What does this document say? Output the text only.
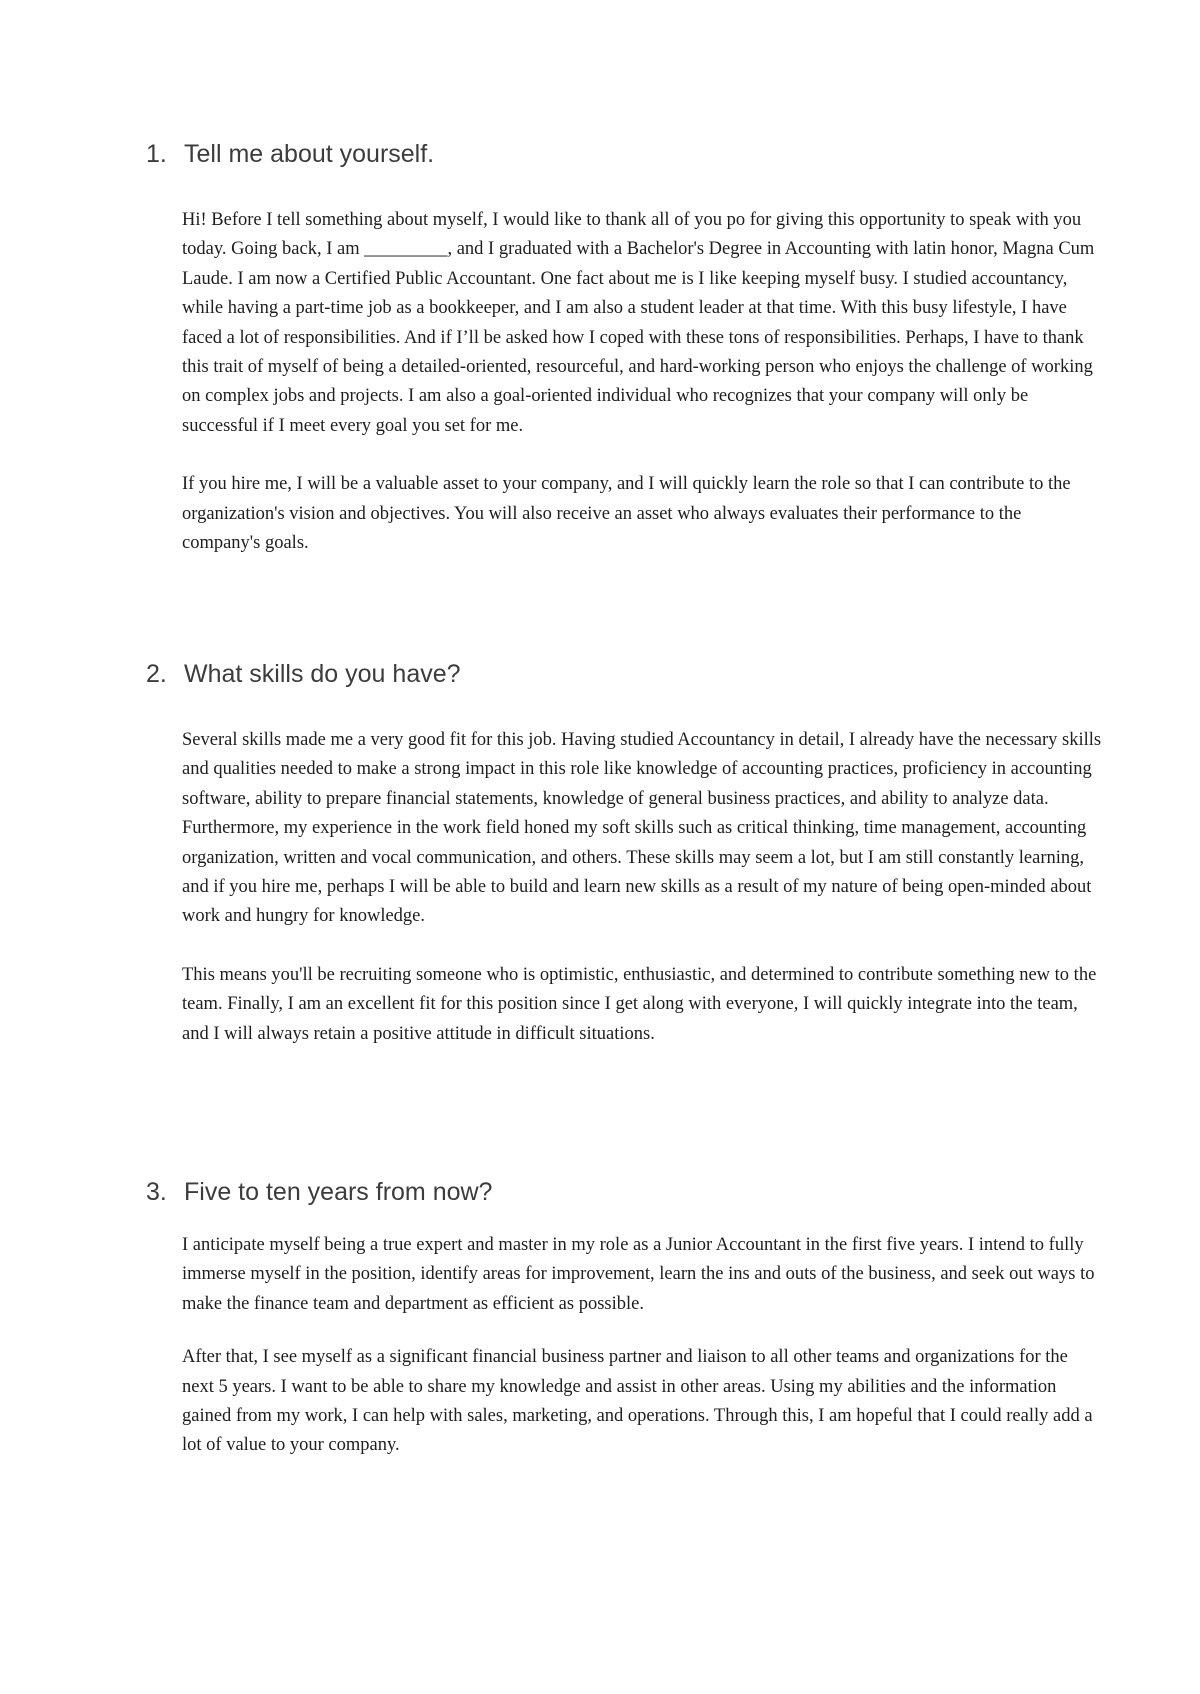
1. Tell me about yourself.

Hi! Before I tell something about myself, I would like to thank all of you po for giving this opportunity to speak with you today. Going back, I am _________, and I graduated with a Bachelor's Degree in Accounting with latin honor, Magna Cum Laude. I am now a Certified Public Accountant. One fact about me is I like keeping myself busy. I studied accountancy, while having a part-time job as a bookkeeper, and I am also a student leader at that time. With this busy lifestyle, I have faced a lot of responsibilities. And if I’ll be asked how I coped with these tons of responsibilities. Perhaps, I have to thank this trait of myself of being a detailed-oriented, resourceful, and hard-working person who enjoys the challenge of working on complex jobs and projects. I am also a goal-oriented individual who recognizes that your company will only be successful if I meet every goal you set for me.

If you hire me, I will be a valuable asset to your company, and I will quickly learn the role so that I can contribute to the organization's vision and objectives. You will also receive an asset who always evaluates their performance to the company's goals.

2. What skills do you have?

Several skills made me a very good fit for this job. Having studied Accountancy in detail, I already have the necessary skills and qualities needed to make a strong impact in this role like knowledge of accounting practices, proficiency in accounting software, ability to prepare financial statements, knowledge of general business practices, and ability to analyze data. Furthermore, my experience in the work field honed my soft skills such as critical thinking, time management, accounting organization, written and vocal communication, and others. These skills may seem a lot, but I am still constantly learning, and if you hire me, perhaps I will be able to build and learn new skills as a result of my nature of being open-minded about work and hungry for knowledge.

This means you'll be recruiting someone who is optimistic, enthusiastic, and determined to contribute something new to the team. Finally, I am an excellent fit for this position since I get along with everyone, I will quickly integrate into the team, and I will always retain a positive attitude in difficult situations.

3. Five to ten years from now?

I anticipate myself being a true expert and master in my role as a Junior Accountant in the first five years. I intend to fully immerse myself in the position, identify areas for improvement, learn the ins and outs of the business, and seek out ways to make the finance team and department as efficient as possible.

After that, I see myself as a significant financial business partner and liaison to all other teams and organizations for the next 5 years. I want to be able to share my knowledge and assist in other areas. Using my abilities and the information gained from my work, I can help with sales, marketing, and operations. Through this, I am hopeful that I could really add a lot of value to your company.
